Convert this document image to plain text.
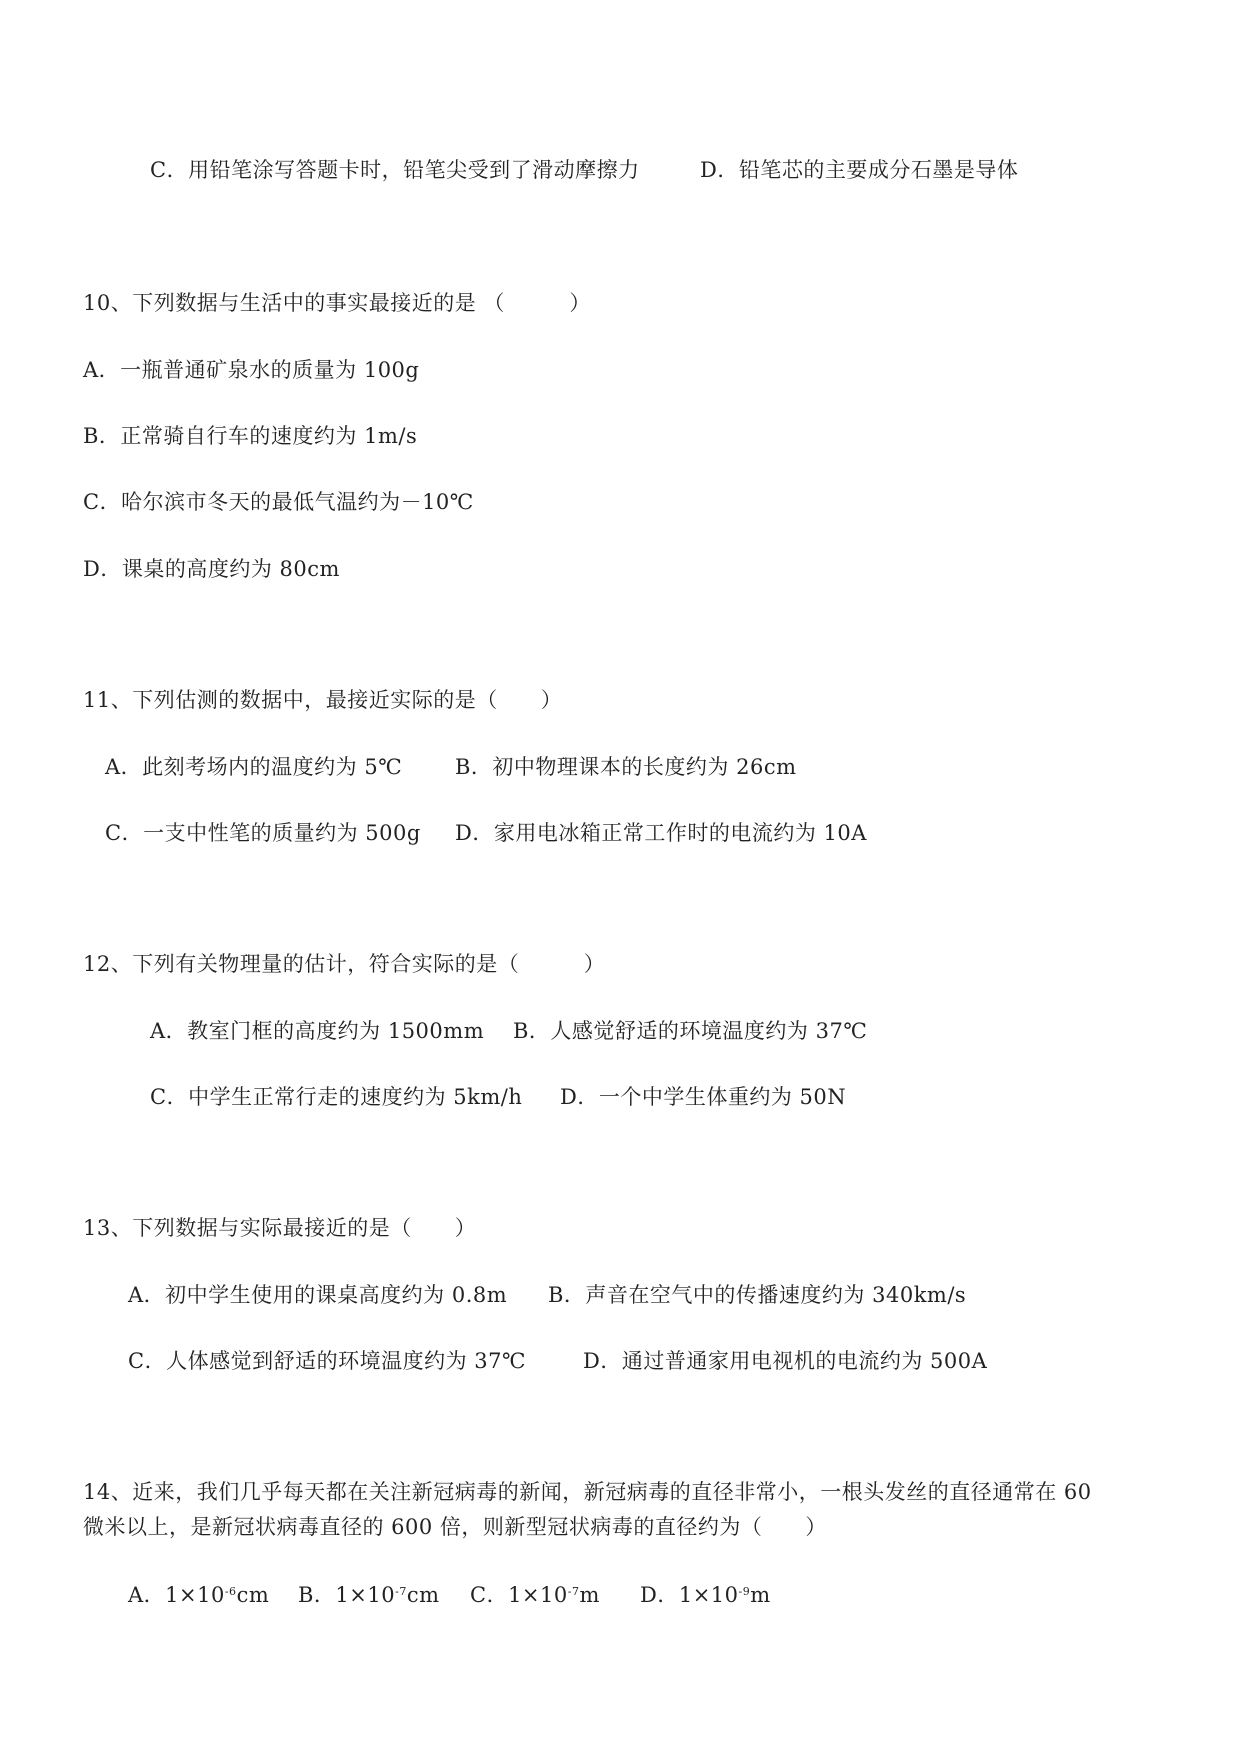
C．用铅笔涂写答题卡时，铅笔尖受到了滑动摩擦力	D．铅笔芯的主要成分石墨是导体
10、下列数据与生活中的事实最接近的是 （　　　）
A．一瓶普通矿泉水的质量为 100g
B．正常骑自行车的速度约为 1m/s
C．哈尔滨市冬天的最低气温约为－10℃
D．课桌的高度约为 80cm
11、下列估测的数据中，最接近实际的是（　　）
A．此刻考场内的温度约为 5℃	B．初中物理课本的长度约为 26cm
C．一支中性笔的质量约为 500g D．家用电冰箱正常工作时的电流约为 10A
12、下列有关物理量的估计，符合实际的是（　　　）
A．教室门框的高度约为 1500mm B．人感觉舒适的环境温度约为 37℃
C．中学生正常行走的速度约为 5km/h D．一个中学生体重约为 50N
13、下列数据与实际最接近的是（　　）
A．初中学生使用的课桌高度约为 0.8m B．声音在空气中的传播速度约为 340km/s
C．人体感觉到舒适的环境温度约为 37℃	D．通过普通家用电视机的电流约为 500A
14、近来，我们几乎每天都在关注新冠病毒的新闻，新冠病毒的直径非常小，一根头发丝的直径通常在 60
微米以上，是新冠状病毒直径的 600 倍，则新型冠状病毒的直径约为（　　）
A．$1\times 10^{-6}cm$ B．$1\times 10^{-7}cm$ C．$1\times 10^{-7}m$ D．$1\times 10^{-9}m$
